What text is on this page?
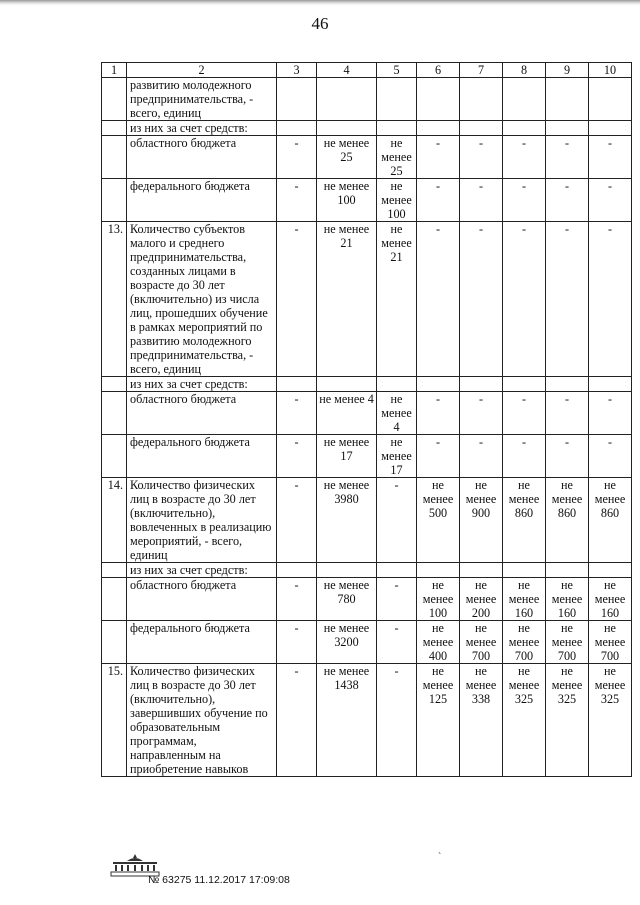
46
1	2	3	4	5	6	7	8	9	10
	развитию молодежного предпринимательства, - всего, единиц	

	из них за счет средств:	

	областного бюджета	-	не менее 25	не менее 25	-	-	-	-	-

	федерального бюджета	-	не менее 100	не менее 100	-	-	-	-	-

13.	Количество субъектов малого и среднего предпринимательства, созданных лицами в возрасте до 30 лет (включительно) из числа лиц, прошедших обучение в рамках мероприятий по развитию молодежного предпринимательства, - всего, единиц	-	не менее 21	не менее 21	-	-	-	-	-

	из них за счет средств:	

	областного бюджета	-	не менее 4	не менее 4	-	-	-	-	-

	федерального бюджета	-	не менее 17	не менее 17	-	-	-	-	-

14.	Количество физических лиц в возрасте до 30 лет (включительно), вовлеченных в реализацию мероприятий, - всего, единиц	-	не менее 3980	-	не менее 500	не менее 900	не менее 860	не менее 860	не менее 860

	из них за счет средств:	

	областного бюджета	-	не менее 780	-	не менее 100	не менее 200	не менее 160	не менее 160	не менее 160

	федерального бюджета	-	не менее 3200	-	не менее 400	не менее 700	не менее 700	не менее 700	не менее 700

15.	Количество физических лиц в возрасте до 30 лет (включительно), завершивших обучение по образовательным программам, направленным на приобретение навыков	-	не менее 1438	-	не менее 125	не менее 338	не менее 325	не менее 325	не менее 325
`
№ 63275 11.12.2017 17:09:08
